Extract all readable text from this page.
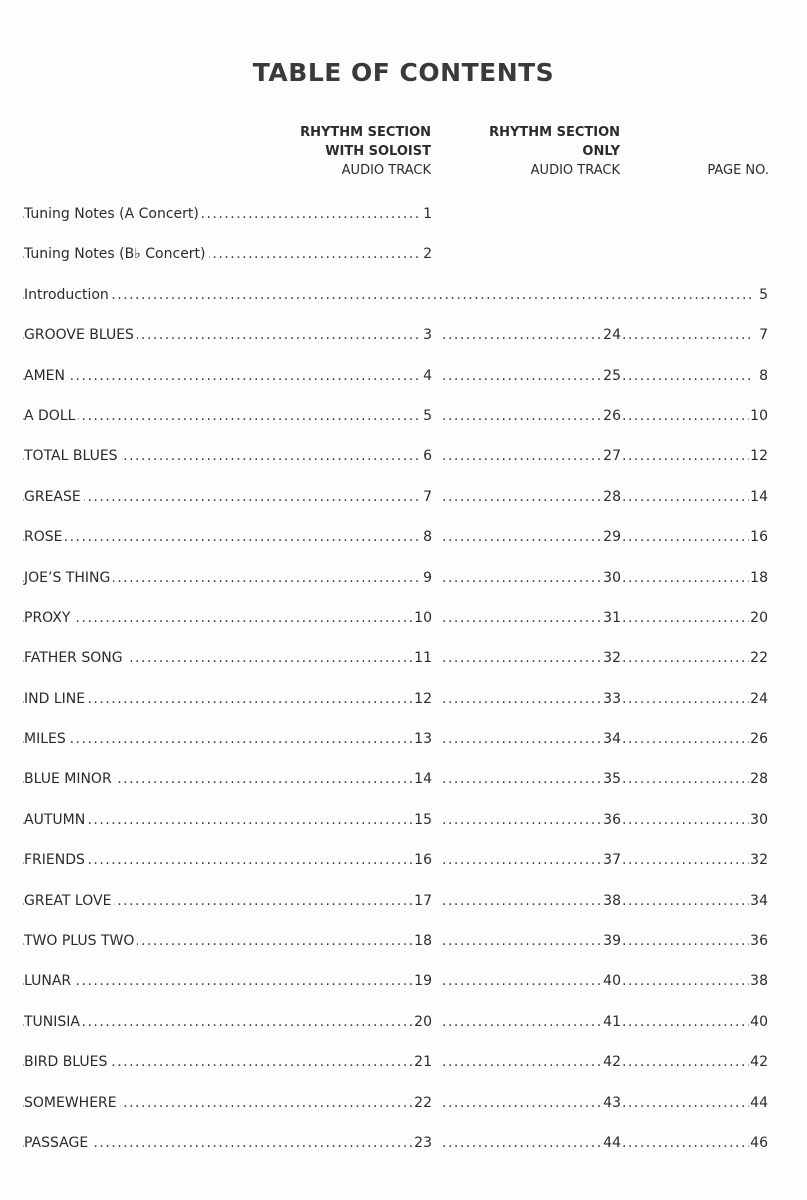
TABLE OF CONTENTS
RHYTHM SECTION
WITH SOLOIST
AUDIO TRACK
RHYTHM SECTION
ONLY
AUDIO TRACK	PAGE NO.
.....
Tuning Notes (A Concert)	1
.....
Tuning Notes (B♭ Concert)	2
.....
Introduction	5
.....
.....
.....
GROOVE BLUES	3	24	7
.....
.....
.....
AMEN	4	25	8
.....
.....
.....
A DOLL	5	26	10
.....
.....
.....
TOTAL BLUES	6	27	12
.....
.....
.....
GREASE	7	28	14
.....
.....
.....
ROSE	8	29	16
.....
.....
.....
JOE’S THING	9	30	18
.....
.....
.....
PROXY	10	31	20
.....
.....
.....
FATHER SONG	11	32	22
.....
.....
.....
IND LINE	12	33	24
.....
.....
.....
MILES	13	34	26
.....
.....
.....
BLUE MINOR	14	35	28
.....
.....
.....
AUTUMN	15	36	30
.....
.....
.....
FRIENDS	16	37	32
.....
.....
.....
GREAT LOVE	17	38	34
.....
.....
.....
TWO PLUS TWO	18	39	36
.....
.....
.....
LUNAR	19	40	38
.....
.....
.....
TUNISIA	20	41	40
.....
.....
.....
BIRD BLUES	21	42	42
.....
.....
.....
SOMEWHERE	22	43	44
.....
.....
.....
PASSAGE	23	44	46
